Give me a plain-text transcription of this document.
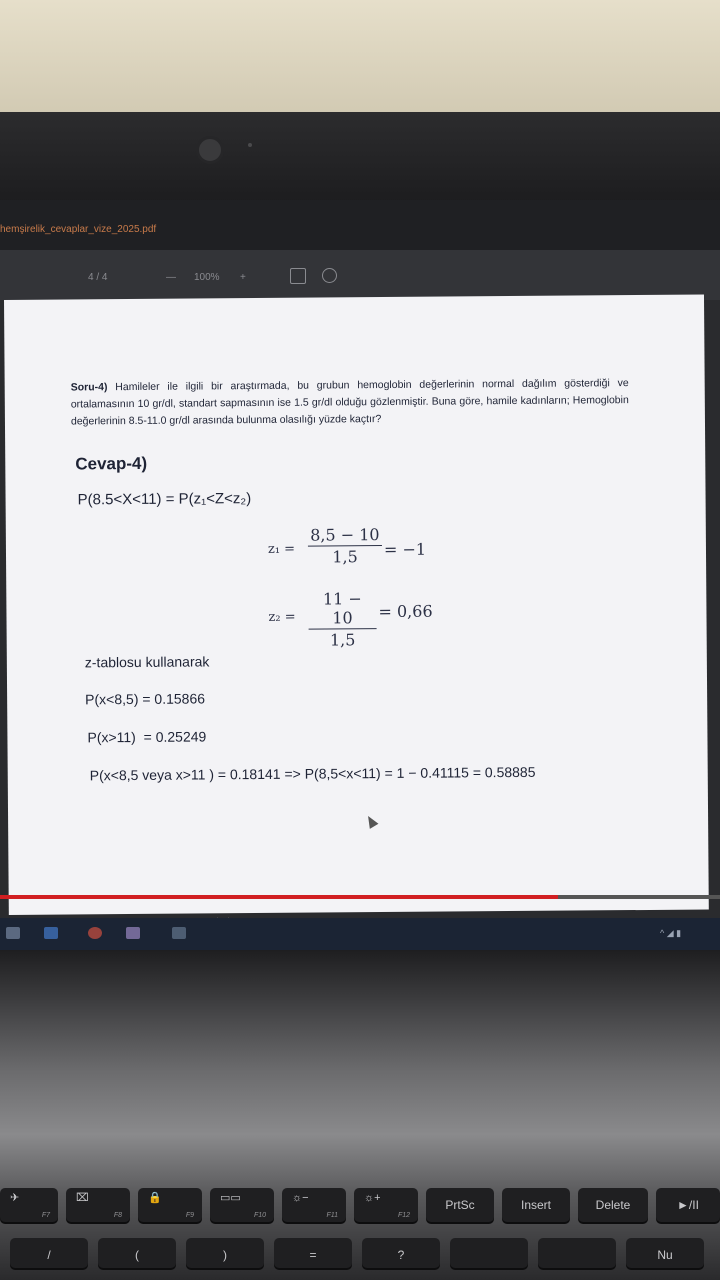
hemşirelik_cevaplar_vize_2025.pdf
4 / 4	— 100% +
Soru-4) Hamileler ile ilgili bir araştırmada, bu grubun hemoglobin değerlerinin normal dağılım gösterdiği ve ortalamasının 10 gr/dl, standart sapmasının ise 1.5 gr/dl olduğu gözlenmiştir. Buna göre, hamile kadınların; Hemoglobin değerlerinin 8.5-11.0 gr/dl arasında bulunma olasılığı yüzde kaçtır?
Cevap-4)
P(8.5<X<11) = P(z₁<Z<z₂)
$z_1 = \frac{8,5 - 10}{1,5} = -1$
$z_2 = \frac{11 - 10}{1,5} = 0,66$
z-tablosu kullanarak
P(x<8,5) = 0.15866
P(x>11)  = 0.25249
P(x<8,5 veya x>11 ) = 0.18141 => P(8,5<x<11) = 1 − 0.41115 = 0.58885
^ ◢ ▮
✈
F7
⌧
F8
🔒
F9
▭▭
F10
☼−
F11
☼+
F12
PrtSc	Insert	Delete	►/II
/	(	)	=	?	Nu
